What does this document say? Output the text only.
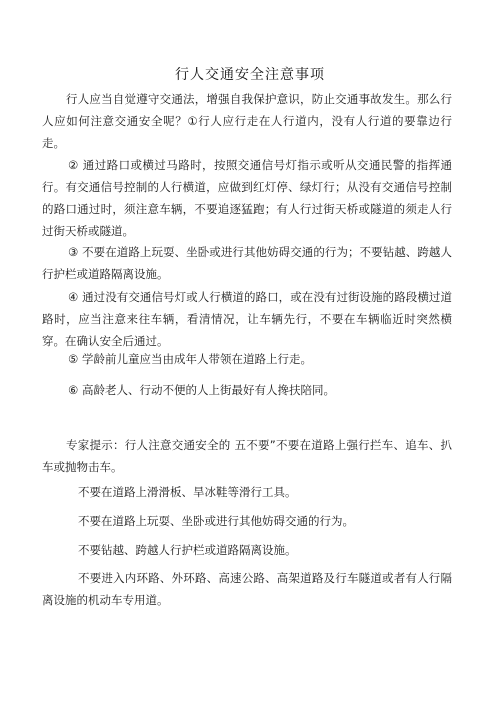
行人交通安全注意事项

行人应当自觉遵守交通法，增强自我保护意识，防止交通事故发生。那么行人应如何注意交通安全呢？①行人应行走在人行道内，没有人行道的要靠边行走。

② 通过路口或横过马路时，按照交通信号灯指示或听从交通民警的指挥通行。有交通信号控制的人行横道，应做到红灯停、绿灯行；从没有交通信号控制的路口通过时，须注意车辆，不要追逐猛跑；有人行过街天桥或隧道的须走人行过街天桥或隧道。

③ 不要在道路上玩耍、坐卧或进行其他妨碍交通的行为；不要钻越、跨越人行护栏或道路隔离设施。

④ 通过没有交通信号灯或人行横道的路口，或在没有过街设施的路段横过道路时，应当注意来往车辆，看清情况，让车辆先行，不要在车辆临近时突然横穿。在确认安全后通过。

⑤ 学龄前儿童应当由成年人带领在道路上行走。

⑥ 高龄老人、行动不便的人上街最好有人搀扶陪同。

专家提示：行人注意交通安全的 五不要”不要在道路上强行拦车、追车、扒车或抛物击车。

不要在道路上滑滑板、旱冰鞋等滑行工具。

不要在道路上玩耍、坐卧或进行其他妨碍交通的行为。

不要钻越、跨越人行护栏或道路隔离设施。

不要进入内环路、外环路、高速公路、高架道路及行车隧道或者有人行隔离设施的机动车专用道。
